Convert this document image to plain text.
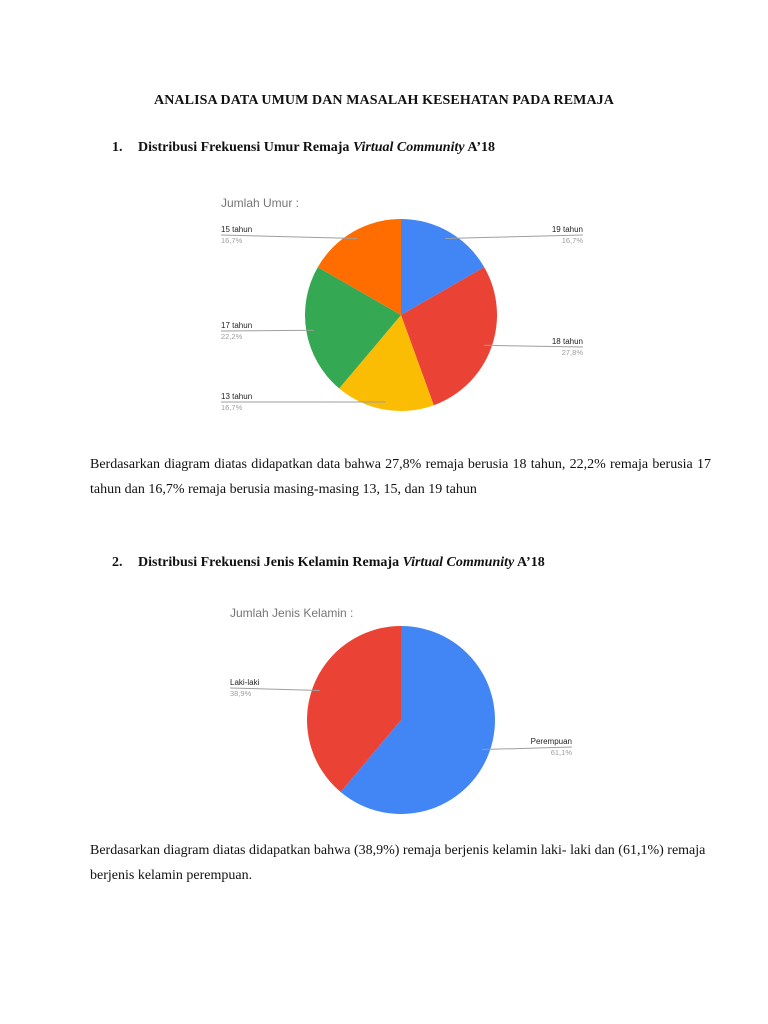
ANALISA DATA UMUM DAN MASALAH KESEHATAN PADA REMAJA
1. Distribusi Frekuensi Umur Remaja Virtual Community A’18
Jumlah Umur :
19 tahun
16,7%
18 tahun
27,8%
13 tahun
16,7%
17 tahun
22,2%
15 tahun
16,7%
Berdasarkan diagram diatas didapatkan data bahwa 27,8% remaja berusia 18 tahun, 22,2% remaja berusia 17 tahun dan 16,7% remaja berusia masing-masing 13, 15, dan 19 tahun
2. Distribusi Frekuensi Jenis Kelamin Remaja Virtual Community A’18
Jumlah Jenis Kelamin :
Perempuan
61,1%
Laki-laki
38,9%
Berdasarkan diagram diatas didapatkan bahwa (38,9%) remaja berjenis kelamin laki- laki dan (61,1%) remaja berjenis kelamin perempuan.
